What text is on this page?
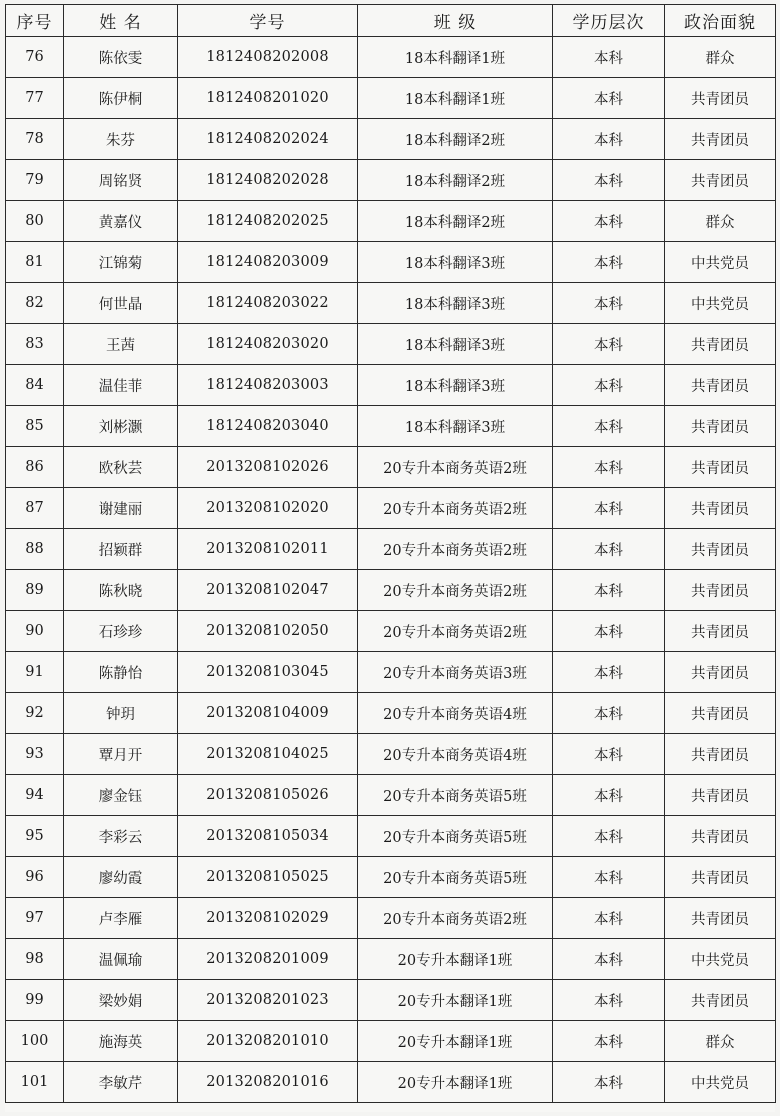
序号	姓 名	学号	班 级	学历层次	政治面貌
76	陈依雯	1812408202008	18本科翻译1班	本科	群众
77	陈伊桐	1812408201020	18本科翻译1班	本科	共青团员
78	朱芬	1812408202024	18本科翻译2班	本科	共青团员
79	周铭贤	1812408202028	18本科翻译2班	本科	共青团员
80	黄嘉仪	1812408202025	18本科翻译2班	本科	群众
81	江锦菊	1812408203009	18本科翻译3班	本科	中共党员
82	何世晶	1812408203022	18本科翻译3班	本科	中共党员
83	王茜	1812408203020	18本科翻译3班	本科	共青团员
84	温佳菲	1812408203003	18本科翻译3班	本科	共青团员
85	刘彬灏	1812408203040	18本科翻译3班	本科	共青团员
86	欧秋芸	2013208102026	20专升本商务英语2班	本科	共青团员
87	谢建丽	2013208102020	20专升本商务英语2班	本科	共青团员
88	招颖群	2013208102011	20专升本商务英语2班	本科	共青团员
89	陈秋晓	2013208102047	20专升本商务英语2班	本科	共青团员
90	石珍珍	2013208102050	20专升本商务英语2班	本科	共青团员
91	陈静怡	2013208103045	20专升本商务英语3班	本科	共青团员
92	钟玥	2013208104009	20专升本商务英语4班	本科	共青团员
93	覃月开	2013208104025	20专升本商务英语4班	本科	共青团员
94	廖金钰	2013208105026	20专升本商务英语5班	本科	共青团员
95	李彩云	2013208105034	20专升本商务英语5班	本科	共青团员
96	廖幼霞	2013208105025	20专升本商务英语5班	本科	共青团员
97	卢李雁	2013208102029	20专升本商务英语2班	本科	共青团员
98	温佩瑜	2013208201009	20专升本翻译1班	本科	中共党员
99	梁妙娟	2013208201023	20专升本翻译1班	本科	共青团员
100	施海英	2013208201010	20专升本翻译1班	本科	群众
101	李敏芹	2013208201016	20专升本翻译1班	本科	中共党员
